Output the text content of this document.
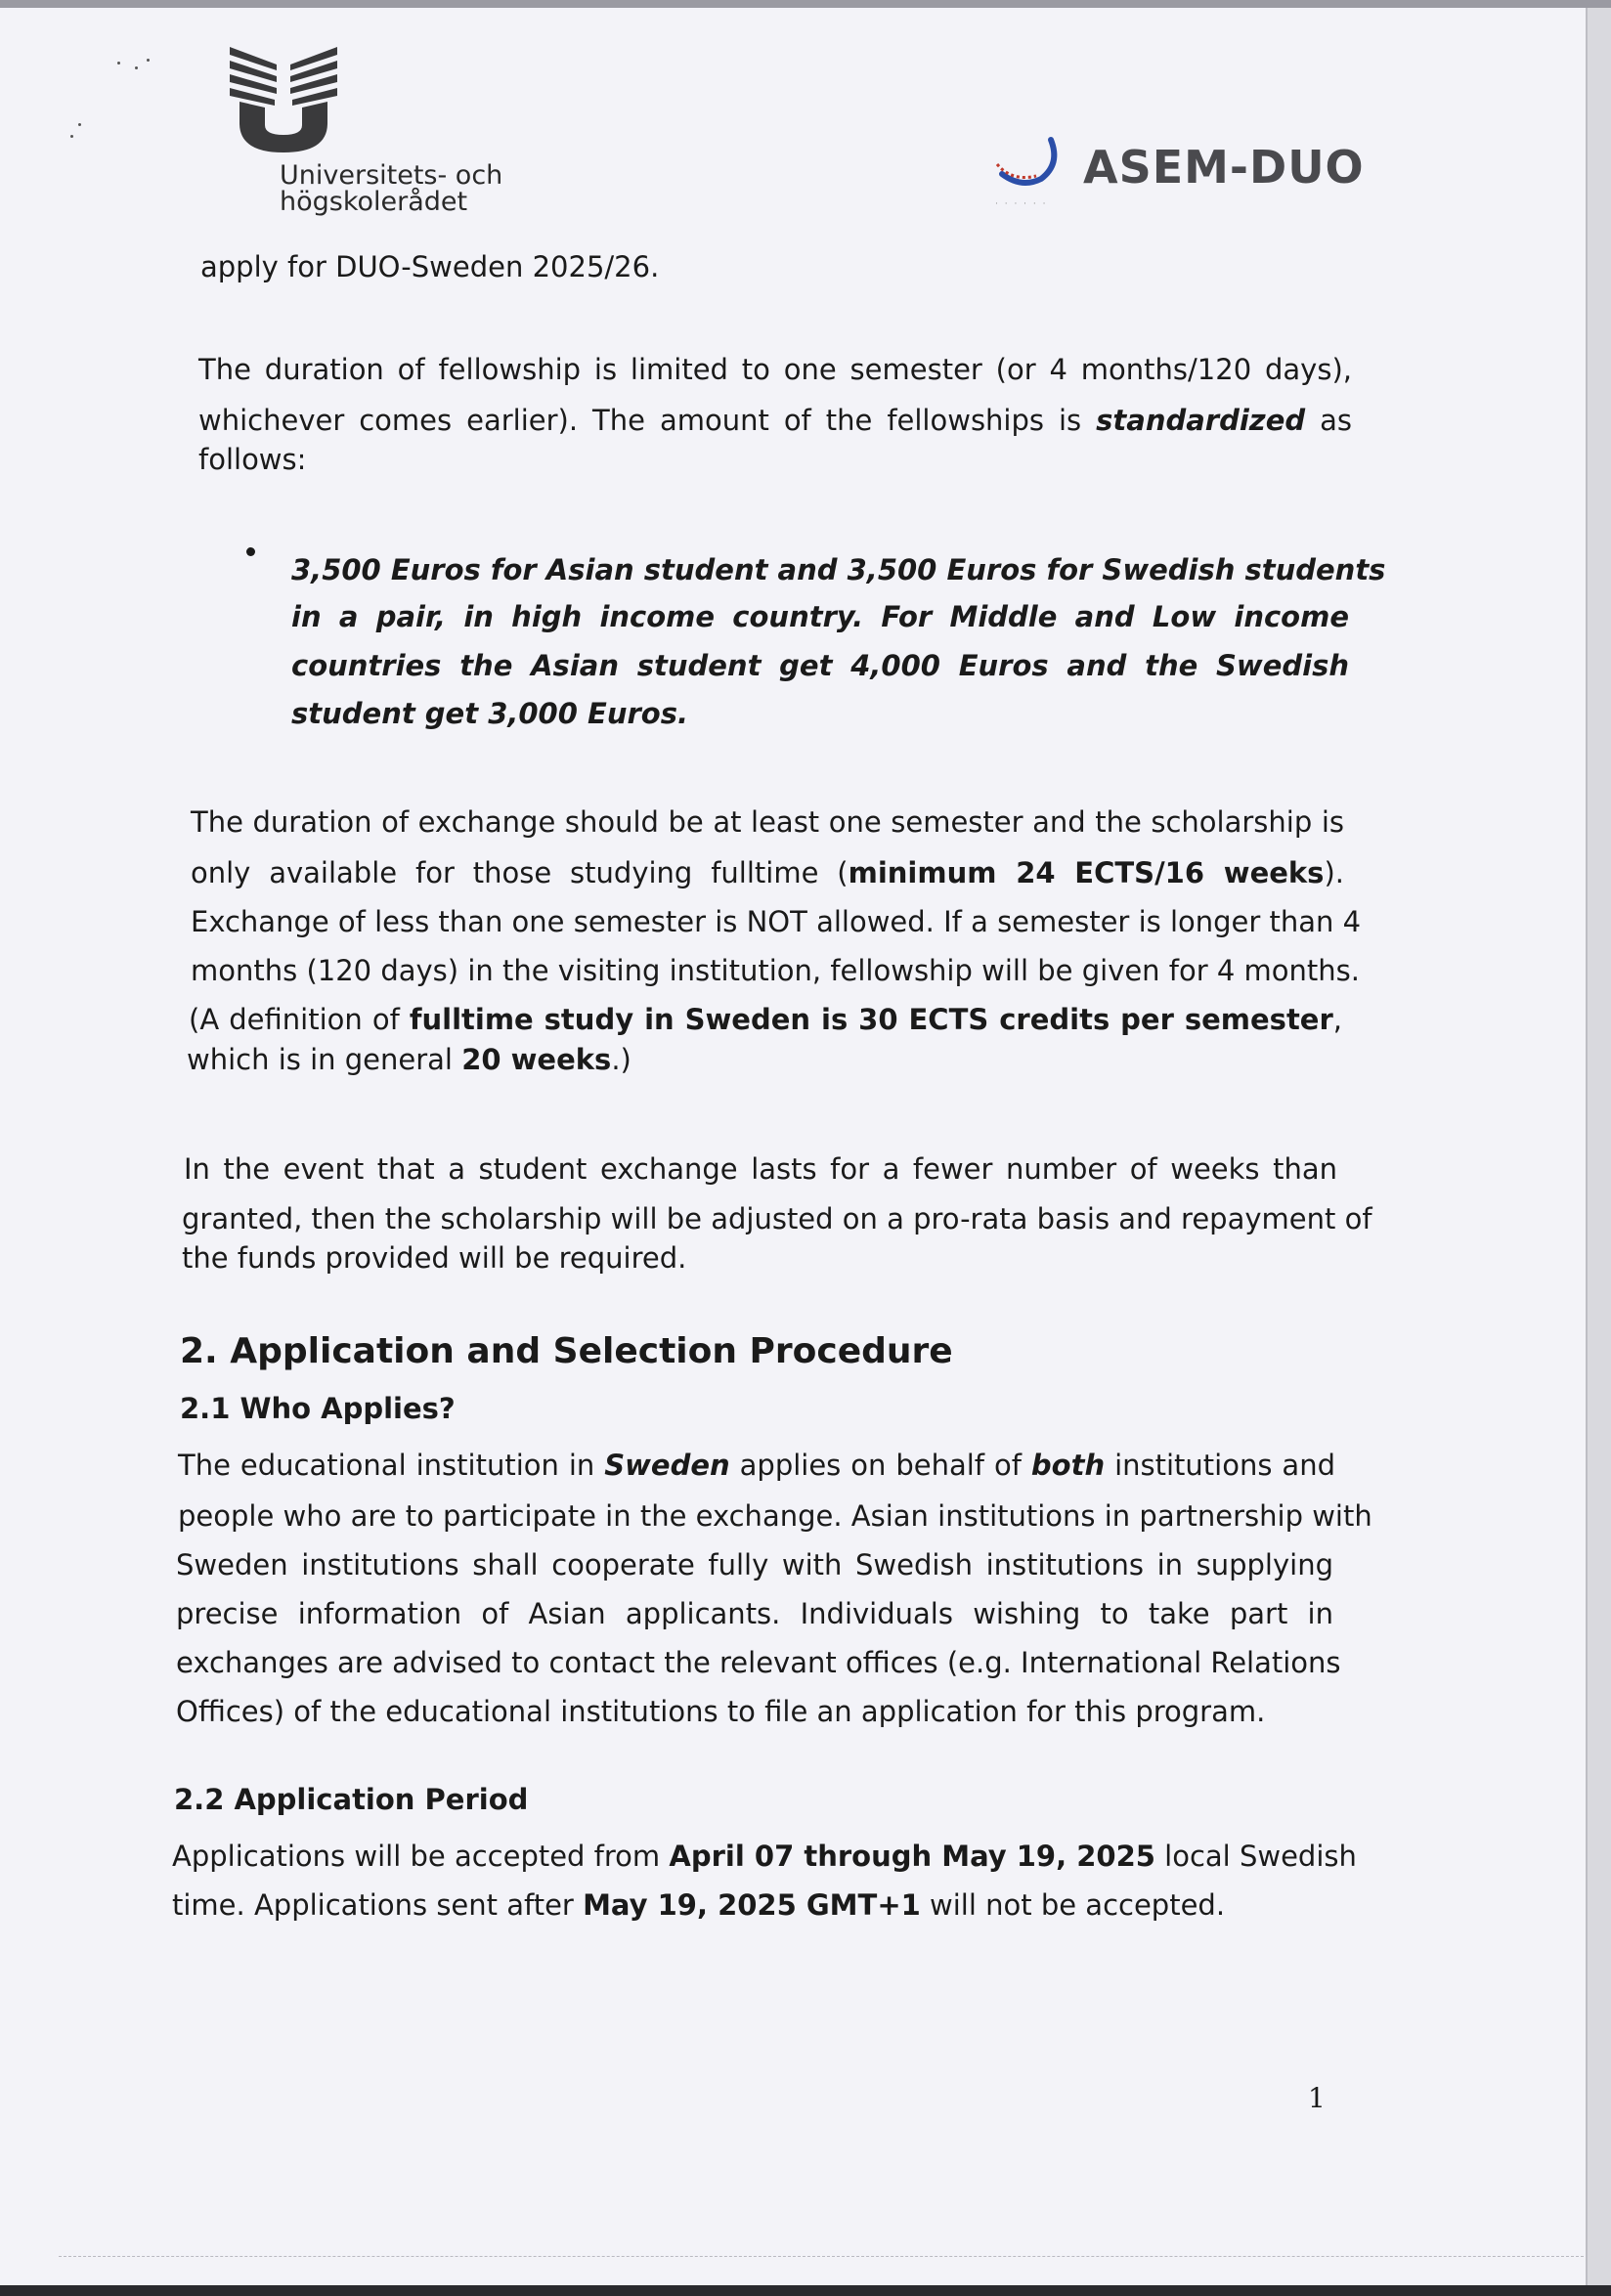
Universitets- och
högskolerådet
ASEM-DUO
· · · · · ·
apply for DUO-Sweden 2025/26.
The duration of fellowship is limited to one semester (or 4 months/120 days),
whichever comes earlier). The amount of the fellowships is standardized as
follows:
3,500 Euros for Asian student and 3,500 Euros for Swedish students
in a pair, in high income country. For Middle and Low income
countries the Asian student get 4,000 Euros and the Swedish
student get 3,000 Euros.
The duration of exchange should be at least one semester and the scholarship is
only available for those studying fulltime (minimum 24 ECTS/16 weeks).
Exchange of less than one semester is NOT allowed. If a semester is longer than 4
months (120 days) in the visiting institution, fellowship will be given for 4 months.
(A definition of fulltime study in Sweden is 30 ECTS credits per semester,
which is in general 20 weeks.)
In the event that a student exchange lasts for a fewer number of weeks than
granted, then the scholarship will be adjusted on a pro-rata basis and repayment of
the funds provided will be required.
2. Application and Selection Procedure
2.1 Who Applies?
The educational institution in Sweden applies on behalf of both institutions and
people who are to participate in the exchange. Asian institutions in partnership with
Sweden institutions shall cooperate fully with Swedish institutions in supplying
precise information of Asian applicants. Individuals wishing to take part in
exchanges are advised to contact the relevant offices (e.g. International Relations
Offices) of the educational institutions to file an application for this program.
2.2 Application Period
Applications will be accepted from April 07 through May 19, 2025 local Swedish
time. Applications sent after May 19, 2025 GMT+1 will not be accepted.
1
